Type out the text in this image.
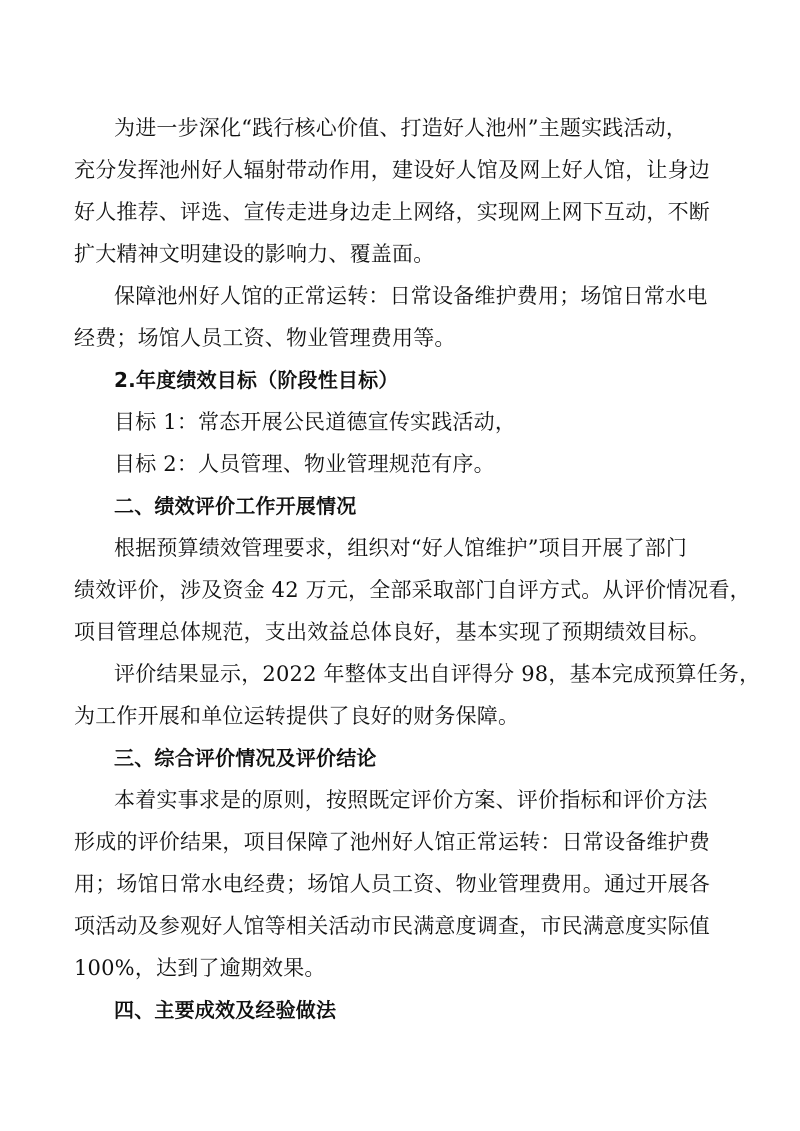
为进一步深化“践行核心价值、打造好人池州”主题实践活动，
充分发挥池州好人辐射带动作用，建设好人馆及网上好人馆，让身边
好人推荐、评选、宣传走进身边走上网络，实现网上网下互动，不断
扩大精神文明建设的影响力、覆盖面。
保障池州好人馆的正常运转：日常设备维护费用；场馆日常水电
经费；场馆人员工资、物业管理费用等。
2.年度绩效目标（阶段性目标）
目标 1：常态开展公民道德宣传实践活动，
目标 2：人员管理、物业管理规范有序。
二、绩效评价工作开展情况
根据预算绩效管理要求，组织对“好人馆维护”项目开展了部门
绩效评价，涉及资金 42 万元，全部采取部门自评方式。从评价情况看，
项目管理总体规范，支出效益总体良好，基本实现了预期绩效目标。
评价结果显示，2022 年整体支出自评得分 98，基本完成预算任务，
为工作开展和单位运转提供了良好的财务保障。
三、综合评价情况及评价结论
本着实事求是的原则，按照既定评价方案、评价指标和评价方法
形成的评价结果，项目保障了池州好人馆正常运转：日常设备维护费
用；场馆日常水电经费；场馆人员工资、物业管理费用。通过开展各
项活动及参观好人馆等相关活动市民满意度调查，市民满意度实际值
100%，达到了逾期效果。
四、主要成效及经验做法
